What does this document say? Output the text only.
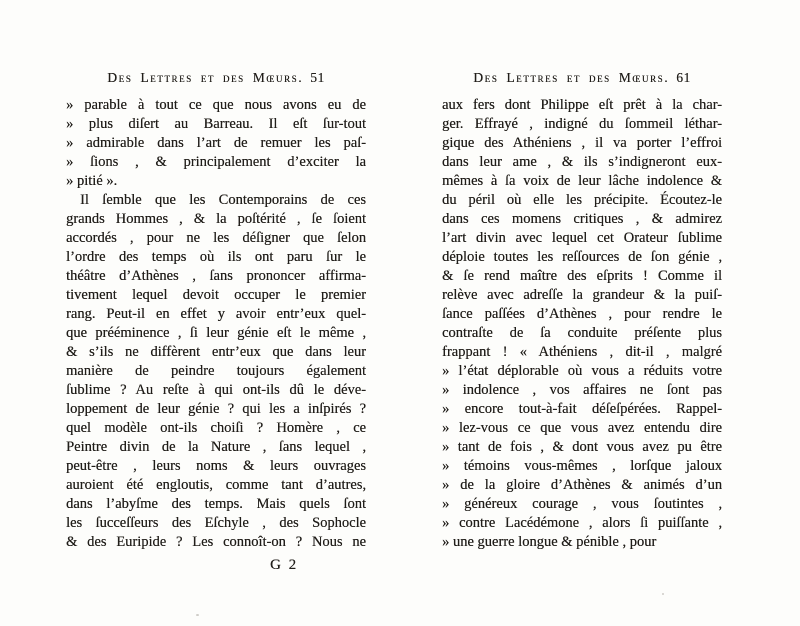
Des Lettres et des Mœurs. 51
» parable à tout ce que nous avons eu de
» plus diſert au Barreau. Il eſt ſur-tout
» admirable dans l’art de remuer les paſ-
» ſions , & principalement d’exciter la
» pitié ».
Il ſemble que les Contemporains de ces
grands Hommes , & la poſtérité , ſe ſoient
accordés , pour ne les déſigner que ſelon
l’ordre des temps où ils ont paru ſur le
théâtre d’Athènes , ſans prononcer affirma-
tivement lequel devoit occuper le premier
rang. Peut-il en effet y avoir entr’eux quel-
que prééminence , ſi leur génie eſt le même ,
& s’ils ne diffèrent entr’eux que dans leur
manière de peindre toujours également
ſublime ? Au reſte à qui ont-ils dû le déve-
loppement de leur génie ? qui les a inſpirés ?
quel modèle ont-ils choiſi ? Homère , ce
Peintre divin de la Nature , ſans lequel ,
peut-être , leurs noms & leurs ouvrages
auroient été engloutis, comme tant d’autres,
dans l’abyſme des temps. Mais quels ſont
les ſucceſſeurs des Eſchyle , des Sophocle
& des Euripide ? Les connoît-on ? Nous ne
G 2
Des Lettres et des Mœurs. 61
aux fers dont Philippe eſt prêt à la char-
ger. Effrayé , indigné du ſommeil léthar-
gique des Athéniens , il va porter l’effroi
dans leur ame , & ils s’indigneront eux-
mêmes à ſa voix de leur lâche indolence &
du péril où elle les précipite. Écoutez-le
dans ces momens critiques , & admirez
l’art divin avec lequel cet Orateur ſublime
déploie toutes les reſſources de ſon génie ,
& ſe rend maître des eſprits ! Comme il
relève avec adreſſe la grandeur & la puiſ-
ſance paſſées d’Athènes , pour rendre le
contraſte de ſa conduite préſente plus
frappant ! « Athéniens , dit-il , malgré
» l’état déplorable où vous a réduits votre
» indolence , vos affaires ne ſont pas
» encore tout-à-fait déſeſpérées. Rappel-
» lez-vous ce que vous avez entendu dire
» tant de fois , & dont vous avez pu être
» témoins vous-mêmes , lorſque jaloux
» de la gloire d’Athènes & animés d’un
» généreux courage , vous ſoutintes ,
» contre Lacédémone , alors ſi puiſſante ,
» une guerre longue & pénible , pour
